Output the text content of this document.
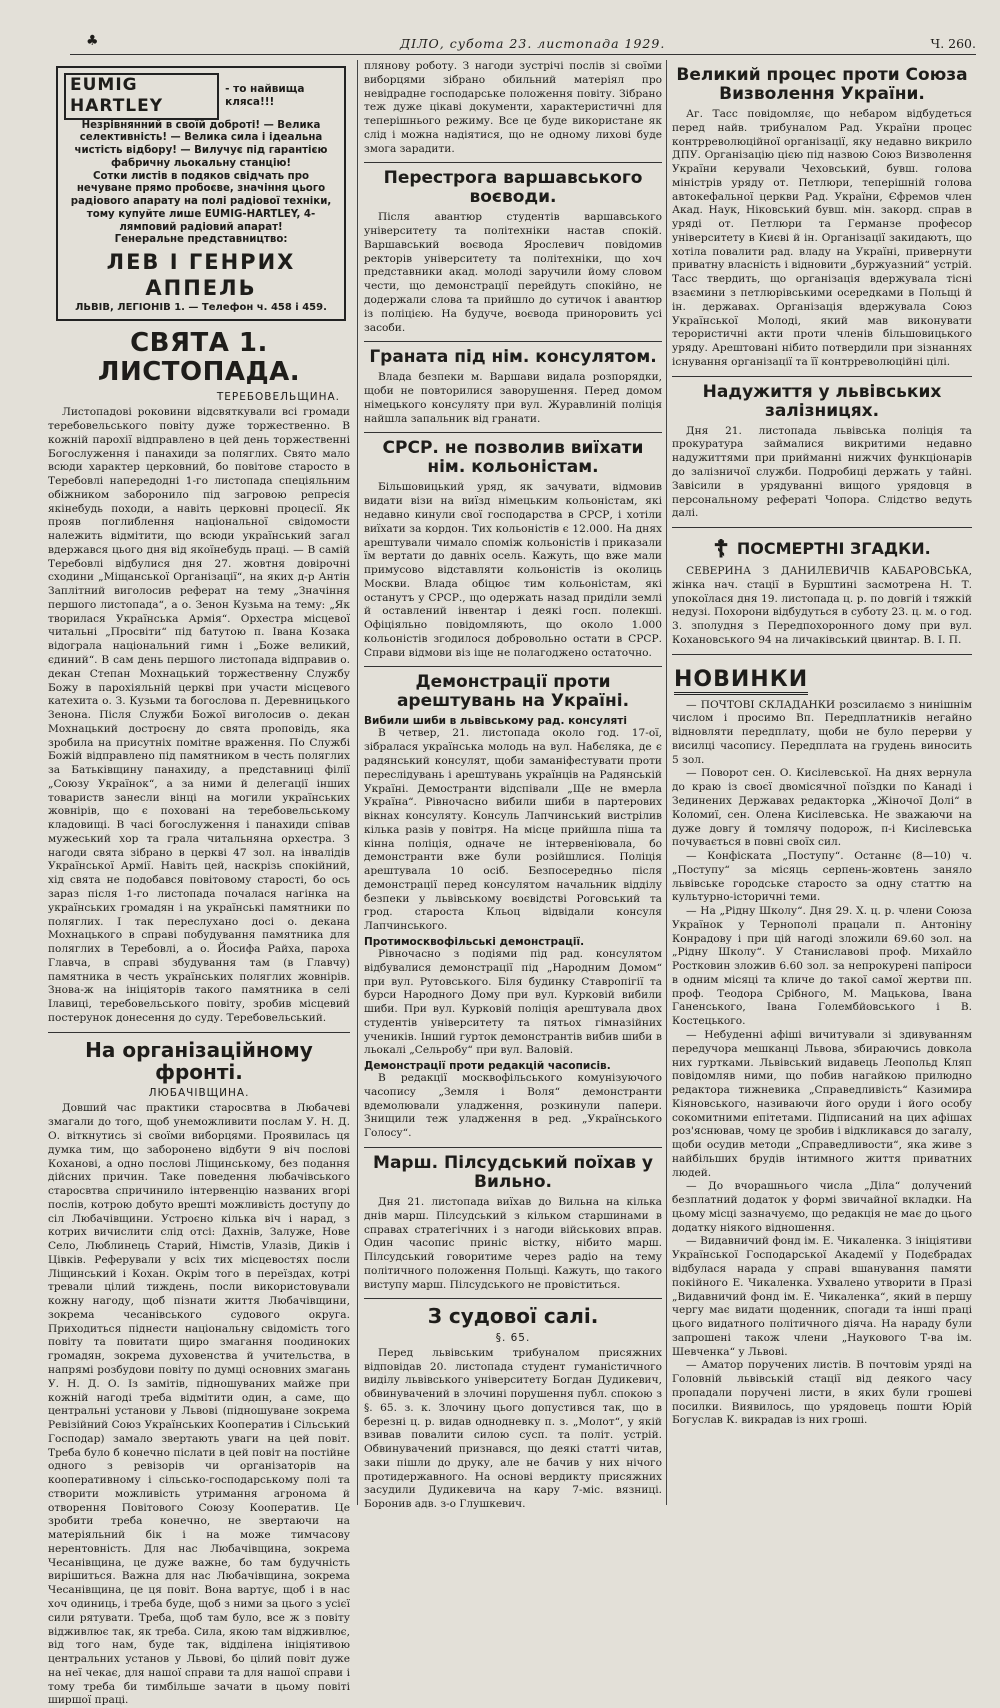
♣	ДІЛО, субота 23. листопада 1929.	Ч. 260.
EUMIG HARTLEY
- то найвища кляса!!!
Незрівнянний в своїй доброті! — Велика селективність! — Велика сила і ідеальна чистість відбору! — Вилучує під гарантією фабричну льокальну станцію!
Сотки листів в подяков свідчать про нечуване прямо пробоєве, значіння цього радіового апарату на полі радіової техніки, тому купуйте лише EUMIG-HARTLEY, 4-лямповий радіовий апарат!
Генеральне представництво:
ЛЕВ І ГЕНРИХ АППЕЛЬ
ЛЬВІВ, ЛЕГІОНІВ 1. — Телефон ч. 458 і 459.
СВЯТА 1. ЛИСТОПАДА.
ТЕРЕБОВЕЛЬЩИНА.

Листопадові роковини відсвяткували всі громади теребовельського повіту дуже торжественно. В кожній парохії відправлено в цей день торжественні Богослуження і панахиди за поляглих. Свято мало всюди характер церковний, бо повітове старосто в Теребовлі напередодні 1-го листопада спеціяльним обіжником заборонило під загровою репресія якінебудь походи, а навіть церковні процесії. Як прояв поглиблення національної свідомости належить відмітити, що всюди український загал вдержався цього дня від якоїнебудь праці. — В самій Теребовлі відбулися дня 27. жовтня довірочні сходини „Міщанської Організації“, на яких д-р Антін Заплітний виголосив реферат на тему „Значіння першого листопада“, а о. Зенон Кузьма на тему: „Як творилася Українська Армія“. Орхестра місцевої читальні „Просвіти“ під батутою п. Івана Козака відограла національний гимн і „Боже великий, єдиний“. В сам день першого листопада відправив о. декан Степан Мохнацький торжественну Службу Божу в парохіяльній церкві при участи місцевого катехита о. З. Кузьми та богослова п. Деревницького Зенона. Після Служби Божої виголосив о. декан Мохнацький достроєну до свята проповідь, яка зробила на присутніх помітне враження. По Службі Божій відправлено під памятником в честь поляглих за Батьківщину панахиду, а представниці філії „Союзу Українок“, а за ними й делегації інших товариств занесли вінці на могили українських жовнірів, що є поховані на теребовельському кладовищі. В часі богослуження і панахиди співав мужеський хор та грала читальняна орхестра. З нагоди свята зібрано в церкві 47 зол. на інвалідів Української Армії. Навіть цей, наскрізь спокійний, хід свята не подобався повітовому старості, бо ось зараз після 1-го листопада почалася нагінка на українських громадян і на українські памятники по поляглих. І так переслухано досі о. декана Мохнацького в справі побудування памятника для поляглих в Теребовлі, а о. Йосифа Райха, пароха Главча, в справі збудування там (в Главчу) памятника в честь українських поляглих жовнірів. Знова-ж на ініціяторів такого памятника в селі Ілавиці, теребовельського повіту, зробив місцевий постерунок донесення до суду. Теребовельський.

На організаційному фронті.
ЛЮБАЧІВЩИНА.

Довший час практики старосвтва в Любачеві змагали до того, щоб унеможливити послам У. Н. Д. О. віткнутись зі своїми виборцями. Проявилась ця думка тим, що заборонено відбути 9 віч послові Коханові, а одно послові Ліщинському, без подання дійсних причин. Таке поведення любачівського старосвтва спричинило інтервенцію названих вгорі послів, котрою добуто врешті можливість доступу до сіл Любачівщини. Устроєно кілька віч і нарад, з котрих вичислити слід отсі: Дахнів, Залуже, Нове Село, Люблинець Старий, Німстів, Улазів, Диків і Цівків. Реферували у всіх тих місцевостях посли Ліщинський і Кохан. Окрім того в переїздах, котрі тревали цілий тиждень, посли використовували кожну нагоду, щоб пізнати життя Любачівщини, зокрема чесанівського судового округа. Приходиться піднести національну свідомість того повіту та повитати щиро змагання поодиноких громадян, зокрема духовенства й учительства, в напрямі розбудови повіту по думці основних змагань У. Н. Д. О. Із замітів, підношуваних майже при кожній нагоді треба відмітити один, а саме, що центральні установи у Львові (підношуване зокрема Ревізійний Союз Українських Кооператив і Сільський Господар) замало звертають уваги на цей повіт. Треба було б конечно післати в цей повіт на постійне одного з ревізорів чи організаторів на кооперативному і сільсько-господарському полі та створити можливість утримання агронома й отворення Повітового Союзу Кооператив. Це зробити треба конечно, не звертаючи на матеріяльний бік і на може тимчасову нерентовність. Для нас Любачівщина, зокрема Чесанівщина, це дуже важне, бо там будучність вирішиться. Важна для нас Любачівщина, зокрема Чесанівщина, це ця повіт. Вона вартує, щоб і в нас хоч одиниць, і треба буде, щоб з ними за цього з усієї сили рятувати. Треба, щоб там було, все ж з повіту відживлює так, як треба. Сила, якою там відживлює, від того нам, буде так, відділена ініціятивою центральних установ у Львові, бо цілий повіт дуже на неї чекає, для нашої справи та для нашої справи і тому треба би тимбільше зачати в цьому повіті ширшої праці.

плянову роботу. З нагоди зустрічі послів зі своїми виборцями зібрано обильний матеріял про невідрадне господарське положення повіту. Зібрано теж дуже цікаві документи, характеристичні для теперішнього режиму. Все це буде використане як слід і можна надіятися, що не одному лихові буде змога зарадити.

Перестрога варшавського воєводи.

Після авантюр студентів варшавського університету та політехніки настав спокій. Варшавський воєвода Ярослевич повідомив ректорів університету та політехніки, що хоч представники акад. молоді заручили йому словом чести, що демонстрації перейдуть спокійно, не додержали слова та прийшло до сутичок і авантюр із поліцією. На будуче, воєвода приноровить усі засоби.

Граната під нім. консулятом.

Влада безпеки м. Варшави видала розпорядки, щоби не повторилися заворушення. Перед домом німецького консуляту при вул. Журавлиній поліція найшла запальник від гранати.

СРСР. не позволив виїхати нім. кольоністам.

Більшовицький уряд, як зачувати, відмовив видати візи на виїзд німецьким кольоністам, які недавно кинули свої господарства в СРСР, і хотіли виїхати за кордон. Тих кольоністів є 12.000. На днях арештували чимало споміж кольоністів і приказали їм вертати до давніх осель. Кажуть, що вже мали примусово відставляти кольоністів із околиць Москви. Влада обіцює тим кольоністам, які останутъ у СРСР., що одержать назад приділи землі й оставлений інвентар і деякі госп. полекші. Офіціяльно повідомляють, що около 1.000 кольоністів згодилося добровольно остати в СРСР. Справи відмови віз іще не полагоджено остаточно.

Демонстрації проти арештувань на Україні.
Вибили шиби в львівському рад. консуляті

В четвер, 21. листопада около год. 17-ої, зібралася українська молодь на вул. Набєлякa, де є радянський консулят, щоби заманіфестувати проти переслідувань і арештувань українців на Радянській Україні. Демостранти відспівали „Ще не вмерла Україна“. Рівночасно вибили шиби в партерових вікнах консуляту. Консуль Лапчинський вистрілив кілька разів у повітря. На місце прийшла піша та кінна поліція, одначе не інтервеніювала, бо демонстранти вже були розійшлися. Поліція арештувала 10 осіб. Безпосередньо після демонстрації перед консулятом начальник відділу безпеки у львівському воєвідстві Роговський та грод. староста Кльоц відвідали консуля Лапчинського.

Протимосквофільські демонстрації.

Рівночасно з подіями під рад. консулятом відбувалися демонстрації під „Народним Домом“ при вул. Рутовського. Біля будинку Ставропігії та бурси Народного Дому при вул. Курковій вибили шиби. При вул. Курковій поліція арештувала двох студентів університету та пятьох гімназійних учеників. Інший гурток демонстрантів вибив шиби в льокалі „Сельробу“ при вул. Валовій.

Демонстрації проти редакцій часописів.

В редакції москвофільського комунізуючого часопису „Земля і Воля“ демонстранти вдемолювали уладження, розкинули папери. Знищили теж уладження в ред. „Українського Голосу“.

Марш. Пілсудський поїхав у Вильно.

Дня 21. листопада виїхав до Вильна на кілька днів марш. Пілсудський з кільком старшинами в справах стратегічних і з нагоди військових вправ. Один часопис приніс вістку, нібито марш. Пілсудський говоритиме через радіо на тему політичного положення Польщі. Кажуть, що такого виступу марш. Пілсудського не провіститься.

З судової салі.
§. 65.

Перед львівським трибуналом присяжних відповідав 20. листопада студент гуманістичного виділу львівського університету Богдан Дудикевич, обвинувачений в злочині порушення публ. спокою з §. 65. з. к. Злочину цього допустився так, що в березні ц. р. видав однодневку п. з. „Молот“, у якій взивав повалити силою сусп. та політ. устрій. Обвинувачений признався, що деякі статті читав, заки пішли до друку, але не бачив у них нічого протидержавного. На основі вердикту присяжних засудили Дудикевича на кару 7-міс. вязниці. Боронив адв. з-о Глушкевич.

Великий процес проти Союза Визволення України.

Аг. Тасс повідомляє, що небаром відбудеться перед найв. трибуналом Рад. України процес контрреволюційної організації, яку недавно викрило ДПУ. Організацію цією під назвою Союз Визволення України керували Чеховський, бувш. голова міністрів уряду от. Петлюри, теперішній голова автокефальної церкви Рад. України, Єфремов член Акад. Наук, Ніковський бувш. мін. закорд. справ в уряді от. Петлюри та Германзе професор університету в Києві й ін. Організації закидають, що хотіла повалити рад. владу на Україні, привернути приватну власність і відновити „буржуазний“ устрій. Тасс твердить, що організація вдержувала тісні взаємини з петлюрівськими осередками в Польщі й ін. державах. Організація вдержувала Союз Української Молоді, який мав виконувати терористичні акти проти членів більшовицького уряду. Арештовані нібито потвердили при зізнаннях існування організації та її контрреволюційні цілі.

Надужиття у львівських залізницях.

Дня 21. листопада львівська поліція та прокуратура займалися викритими недавно надужиттями при прийманні нижчих функціонарів до залізничої служби. Подробиці держать у тайні. Завісили в урядуванні вищого урядовця в персональному рефераті Чопора. Слідство ведуть далі.

☦ ПОСМЕРТНІ ЗГАДКИ.

СЕВЕРИНА З ДАНИЛЕВИЧІВ КАБАРОВСЬКА, жінка нач. стації в Бурштині засмотрена Н. Т. упокоїлася дня 19. листопада ц. р. по довгій і тяжкій недузі. Похорони відбудуться в суботу 23. ц. м. о год. 3. зполудня з Передпохоронного дому при вул. Кохановського 94 на личаківський цвинтар. В. І. П.

НОВИНКИ

— ПОЧТОВІ СКЛАДАНКИ розсилаємо з нинішнім числом і просимо Вп. Передплатників негайно відновляти передплату, щоби не було перерви у висилці часопису. Передплата на грудень виносить 5 зол.

— Поворот сен. О. Кисілевської. На днях вернула до краю із своєї двомісячної поїздки по Канаді і Зединених Державах редакторка „Жіночої Долі“ в Коломиї, сен. Олена Кисілевська. Не зважаючи на дуже довгу й томлячу подорож, п-і Кисілевська почувається в повні своїх сил.

— Конфіската „Поступу“. Останнє (8—10) ч. „Поступу“ за місяць серпень-жовтень заняло львівське городське старосто за одну статтю на культурно-історичні теми.

— На „Рідну Школу“. Дня 29. X. ц. р. члени Союза Українок у Тернополі працали п. Антоніну Конрадову і при цій нагоді зложили 69.60 зол. на „Рідну Школу“. У Станиславові проф. Михайло Ростковин зложив 6.60 зол. за непрокурені папіроси в одним місяці та кличе до такої самої жертви пп. проф. Теодора Срібного, М. Мацькова, Івана Ганенського, Івана Голембйовського і В. Костецького.

— Небуденні афіші вичитували зі здивуванням передучора мешканці Львова, збираючись довкола них гуртками. Львівський видавець Леопольд Кляп повідомляв ними, що побив нагайкою прилюдно редактора тижневика „Справедливість“ Казимира Кіяновського, називаючи його оруди і його особу сокомитними епітетами. Підписаний на цих афішах роз'яснював, чому це зробив і відкликався до загалу, щоби осудив методи „Справедливости“, яка живе з найбільших брудів інтимного життя приватних людей.

— До вчорашнього числа „Діла“ долучений безплатний додаток у формі звичайної вкладки. На цьому місці зазначуємо, що редакція не має до цього додатку ніякого відношення.

— Видавничий фонд ім. Е. Чикаленка. З ініціятиви Української Господарської Академії у Подєбрадах відбулася нарада у справі вшанування памяти покійного Е. Чикаленка. Ухвалено утворити в Празі „Видавничий фонд ім. Е. Чикаленка“, який в першу чергу має видати щоденник, спогади та інші праці цього видатного політичного діяча. На нараду були запрошені також члени „Наукового Т-ва ім. Шевченка“ у Львові.

— Аматор поручених листів. В почтовім уряді на Головній львівській стації від деякого часу пропадали поручені листи, в яких були грошеві посилки. Виявилось, що урядовець пошти Юрій Богуслав К. викрадав із них гроші.
